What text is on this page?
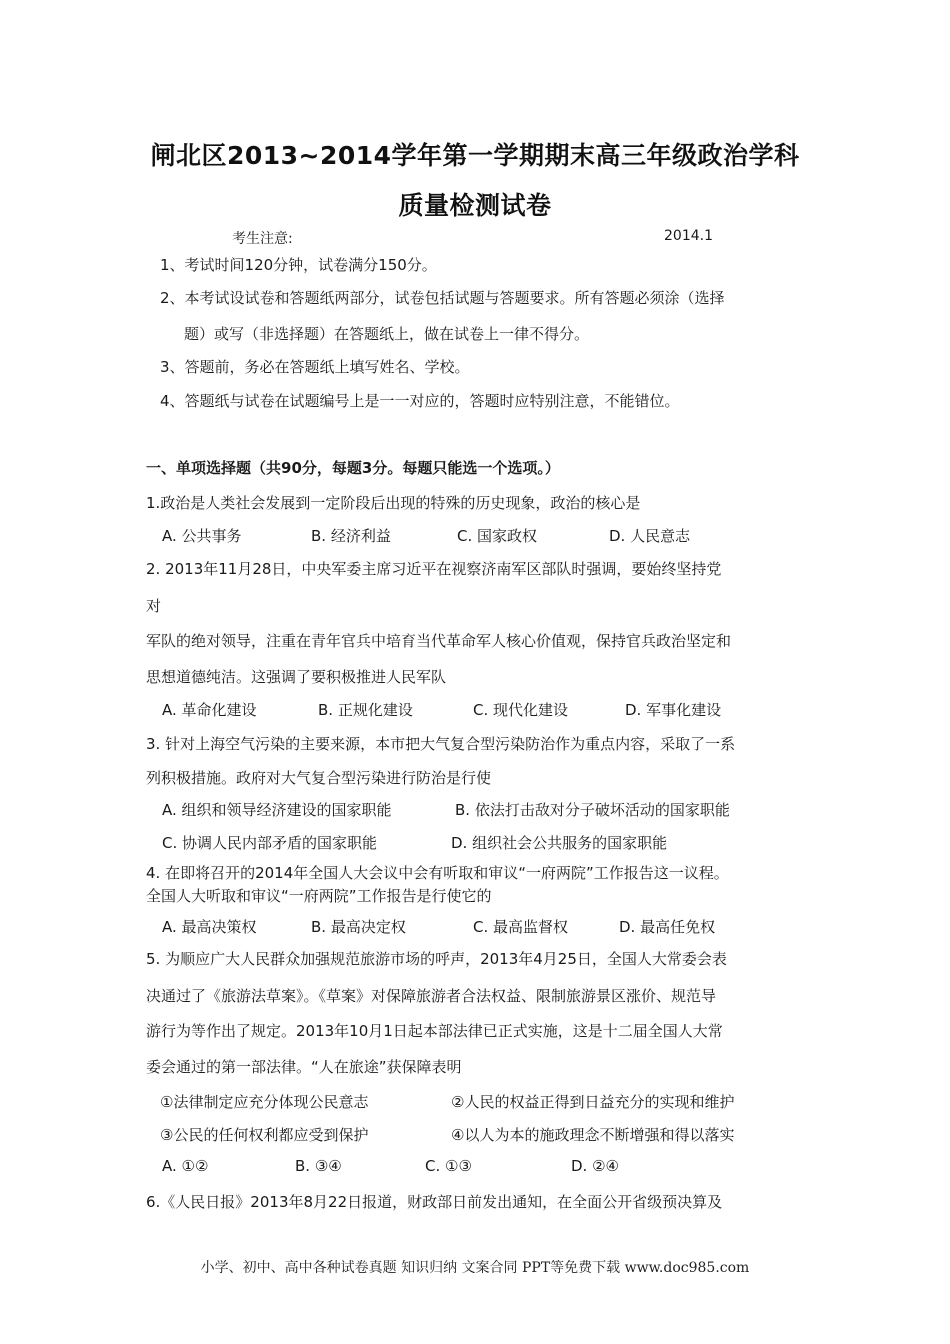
闸北区2013~2014学年第一学期期末高三年级政治学科
质量检测试卷
考生注意:	2014.1
1、考试时间120分钟，试卷满分150分。
2、本考试设试卷和答题纸两部分，试卷包括试题与答题要求。所有答题必须涂（选择
题）或写（非选择题）在答题纸上，做在试卷上一律不得分。
3、答题前，务必在答题纸上填写姓名、学校。
4、答题纸与试卷在试题编号上是一一对应的，答题时应特别注意，不能错位。
一、单项选择题（共90分，每题3分。每题只能选一个选项。）
1.政治是人类社会发展到一定阶段后出现的特殊的历史现象，政治的核心是
A. 公共事务	B. 经济利益	C. 国家政权	D. 人民意志
2. 2013年11月28日，中央军委主席习近平在视察济南军区部队时强调，要始终坚持党
对
军队的绝对领导，注重在青年官兵中培育当代革命军人核心价值观，保持官兵政治坚定和
思想道德纯洁。这强调了要积极推进人民军队
A. 革命化建设	B. 正规化建设	C. 现代化建设	D. 军事化建设
3. 针对上海空气污染的主要来源，本市把大气复合型污染防治作为重点内容，采取了一系
列积极措施。政府对大气复合型污染进行防治是行使
A. 组织和领导经济建设的国家职能	B. 依法打击敌对分子破坏活动的国家职能
C. 协调人民内部矛盾的国家职能	D. 组织社会公共服务的国家职能
4. 在即将召开的2014年全国人大会议中会有听取和审议“一府两院”工作报告这一议程。
全国人大听取和审议“一府两院”工作报告是行使它的
A. 最高决策权	B. 最高决定权	C. 最高监督权	D. 最高任免权
5. 为顺应广大人民群众加强规范旅游市场的呼声，2013年4月25日，全国人大常委会表
决通过了《旅游法草案》。《草案》对保障旅游者合法权益、限制旅游景区涨价、规范导
游行为等作出了规定。2013年10月1日起本部法律已正式实施，这是十二届全国人大常
委会通过的第一部法律。“人在旅途”获保障表明
①法律制定应充分体现公民意志	②人民的权益正得到日益充分的实现和维护
③公民的任何权利都应受到保护	④以人为本的施政理念不断增强和得以落实
A. ①②	B. ③④	C. ①③	D. ②④
6.《人民日报》2013年8月22日报道，财政部日前发出通知，在全面公开省级预决算及
小学、初中、高中各种试卷真题 知识归纳 文案合同 PPT等免费下载 www.doc985.com
